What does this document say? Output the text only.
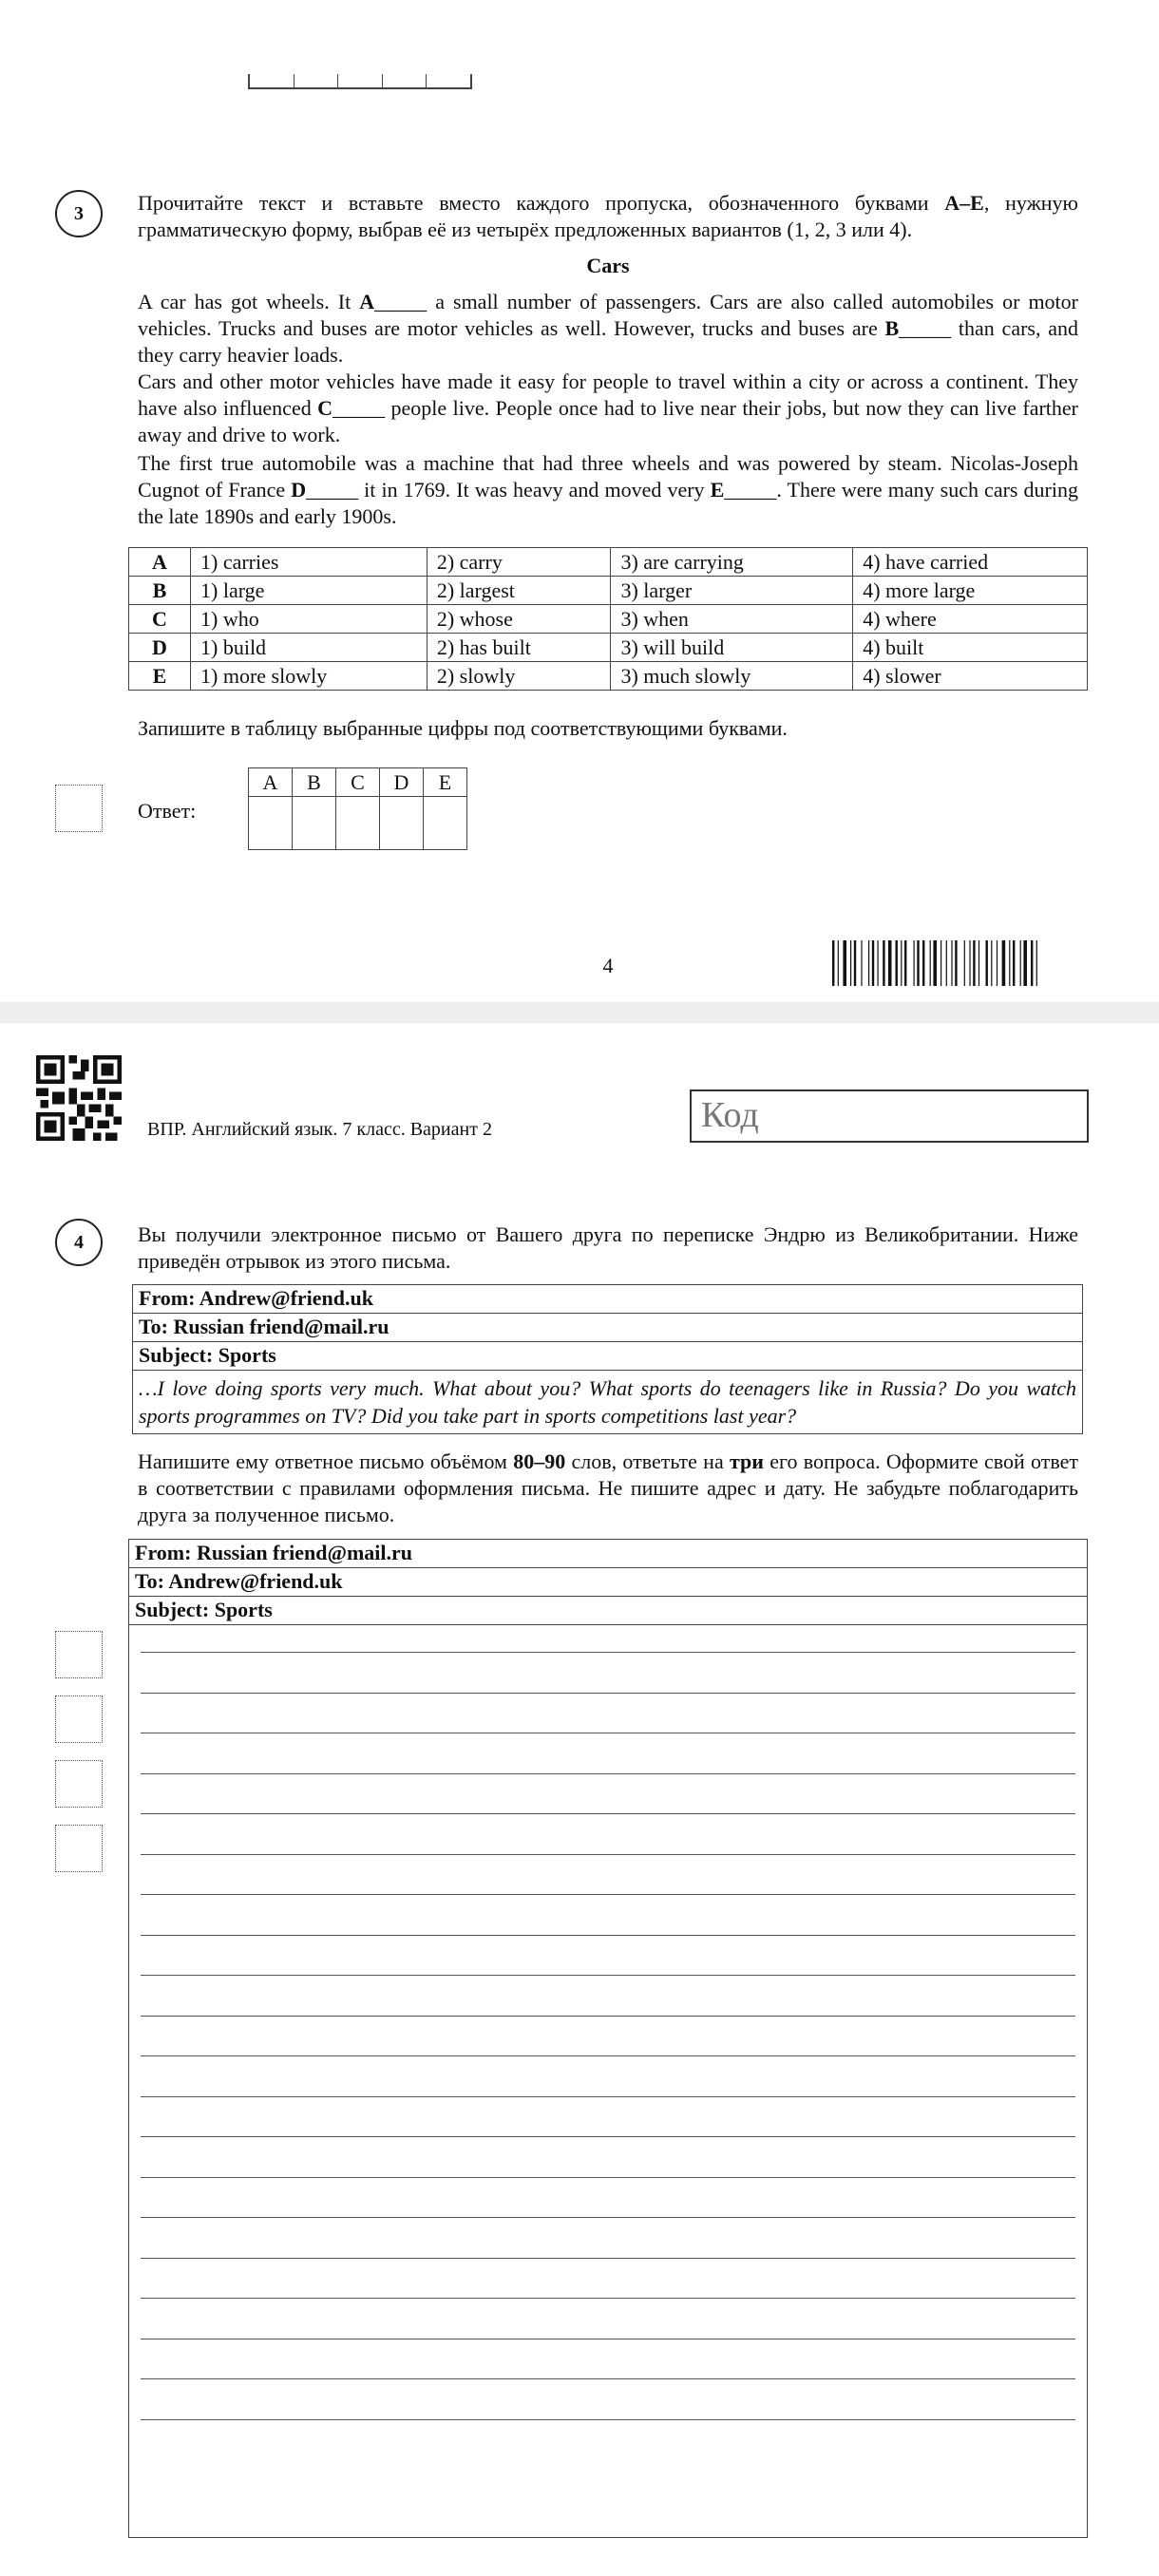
3	Прочитайте текст и вставьте вместо каждого пропуска, обозначенного буквами A–E, нужную грамматическую форму, выбрав её из четырёх предложенных вариантов (1, 2, 3 или 4).
Cars
A car has got wheels. It A_____ a small number of passengers. Cars are also called automobiles or motor vehicles. Trucks and buses are motor vehicles as well. However, trucks and buses are B_____ than cars, and they carry heavier loads.
Cars and other motor vehicles have made it easy for people to travel within a city or across a continent. They have also influenced C_____ people live. People once had to live near their jobs, but now they can live farther away and drive to work.
The first true automobile was a machine that had three wheels and was powered by steam. Nicolas-Joseph Cugnot of France D_____ it in 1769. It was heavy and moved very E_____. There were many such cars during the late 1890s and early 1900s.
A	1) carries	2) carry	3) are carrying	4) have carried
B	1) large	2) largest	3) larger	4) more large
C	1) who	2) whose	3) when	4) where
D	1) build	2) has built	3) will build	4) built
E	1) more slowly	2) slowly	3) much slowly	4) slower
Запишите в таблицу выбранные цифры под соответствующими буквами.
Ответ:
A	B	C	D	E

4
ВПР. Английский язык. 7 класс. Вариант 2	Код
4	Вы получили электронное письмо от Вашего друга по переписке Эндрю из Великобритании. Ниже приведён отрывок из этого письма.
From: Andrew@friend.uk
To: Russian friend@mail.ru
Subject: Sports
…I love doing sports very much. What about you? What sports do teenagers like in Russia? Do you watch sports programmes on TV? Did you take part in sports competitions last year?
Напишите ему ответное письмо объёмом 80–90 слов, ответьте на три его вопроса. Оформите свой ответ в соответствии с правилами оформления письма. Не пишите адрес и дату. Не забудьте поблагодарить друга за полученное письмо.
From: Russian friend@mail.ru
To: Andrew@friend.uk
Subject: Sports
